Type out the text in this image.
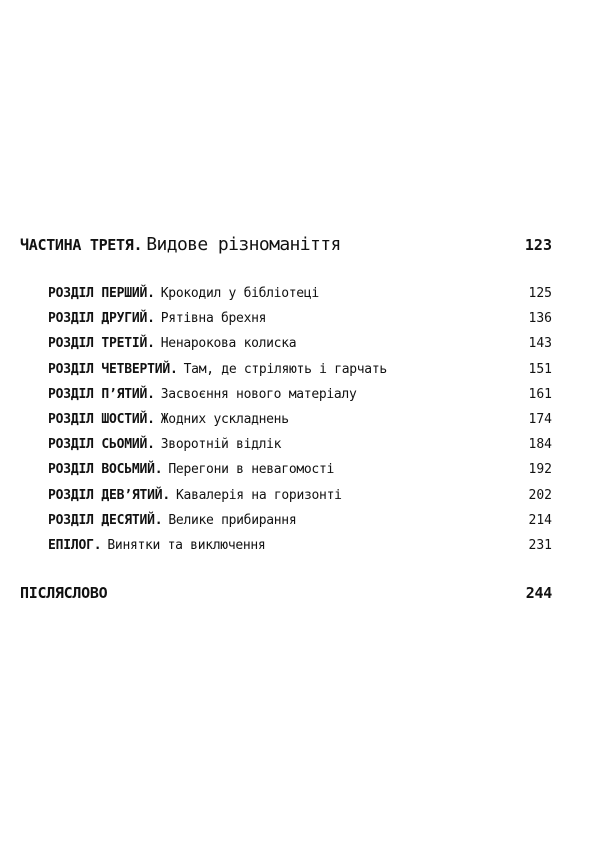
ЧАСТИНА ТРЕТЯ. Видове різноманіття	123
РОЗДІЛ ПЕРШИЙ. Крокодил у бібліотеці	125
РОЗДІЛ ДРУГИЙ. Рятівна брехня	136
РОЗДІЛ ТРЕТІЙ. Ненарокова колиска	143
РОЗДІЛ ЧЕТВЕРТИЙ. Там, де стріляють і гарчать	151
РОЗДІЛ П’ЯТИЙ. Засвоєння нового матеріалу	161
РОЗДІЛ ШОСТИЙ. Жодних ускладнень	174
РОЗДІЛ СЬОМИЙ. Зворотній відлік	184
РОЗДІЛ ВОСЬМИЙ. Перегони в невагомості	192
РОЗДІЛ ДЕВ’ЯТИЙ. Кавалерія на горизонті	202
РОЗДІЛ ДЕСЯТИЙ. Велике прибирання	214
ЕПІЛОГ. Винятки та виключення	231
ПІСЛЯСЛОВО	244
